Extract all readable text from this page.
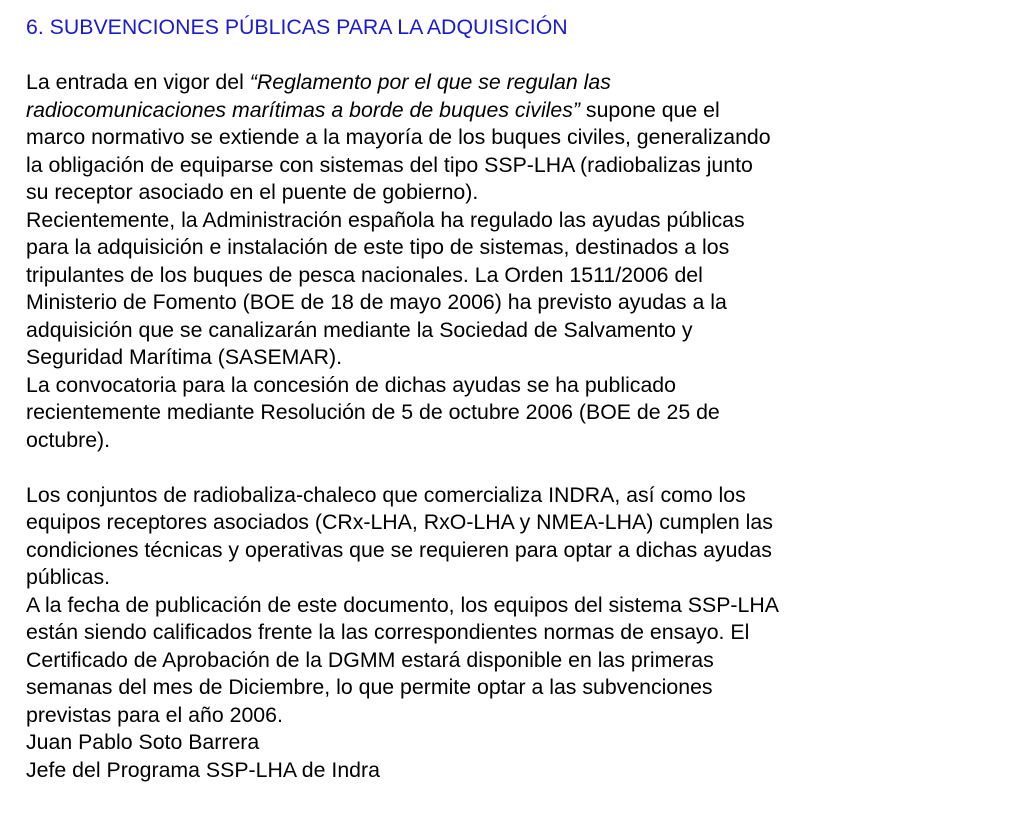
6. SUBVENCIONES PÚBLICAS PARA LA ADQUISICIÓN
La entrada en vigor del “Reglamento por el que se regulan las
radiocomunicaciones marítimas a borde de buques civiles” supone que el
marco normativo se extiende a la mayoría de los buques civiles, generalizando
la obligación de equiparse con sistemas del tipo SSP-LHA (radiobalizas junto
su receptor asociado en el puente de gobierno).
Recientemente, la Administración española ha regulado las ayudas públicas
para la adquisición e instalación de este tipo de sistemas, destinados a los
tripulantes de los buques de pesca nacionales. La Orden 1511/2006 del
Ministerio de Fomento (BOE de 18 de mayo 2006) ha previsto ayudas a la
adquisición que se canalizarán mediante la Sociedad de Salvamento y
Seguridad Marítima (SASEMAR).
La convocatoria para la concesión de dichas ayudas se ha publicado
recientemente mediante Resolución de 5 de octubre 2006 (BOE de 25 de
octubre).
Los conjuntos de radiobaliza-chaleco que comercializa INDRA, así como los
equipos receptores asociados (CRx-LHA, RxO-LHA y NMEA-LHA) cumplen las
condiciones técnicas y operativas que se requieren para optar a dichas ayudas
públicas.
A la fecha de publicación de este documento, los equipos del sistema SSP-LHA
están siendo calificados frente la las correspondientes normas de ensayo. El
Certificado de Aprobación de la DGMM estará disponible en las primeras
semanas del mes de Diciembre, lo que permite optar a las subvenciones
previstas para el año 2006.
Juan Pablo Soto Barrera
Jefe del Programa SSP-LHA de Indra
